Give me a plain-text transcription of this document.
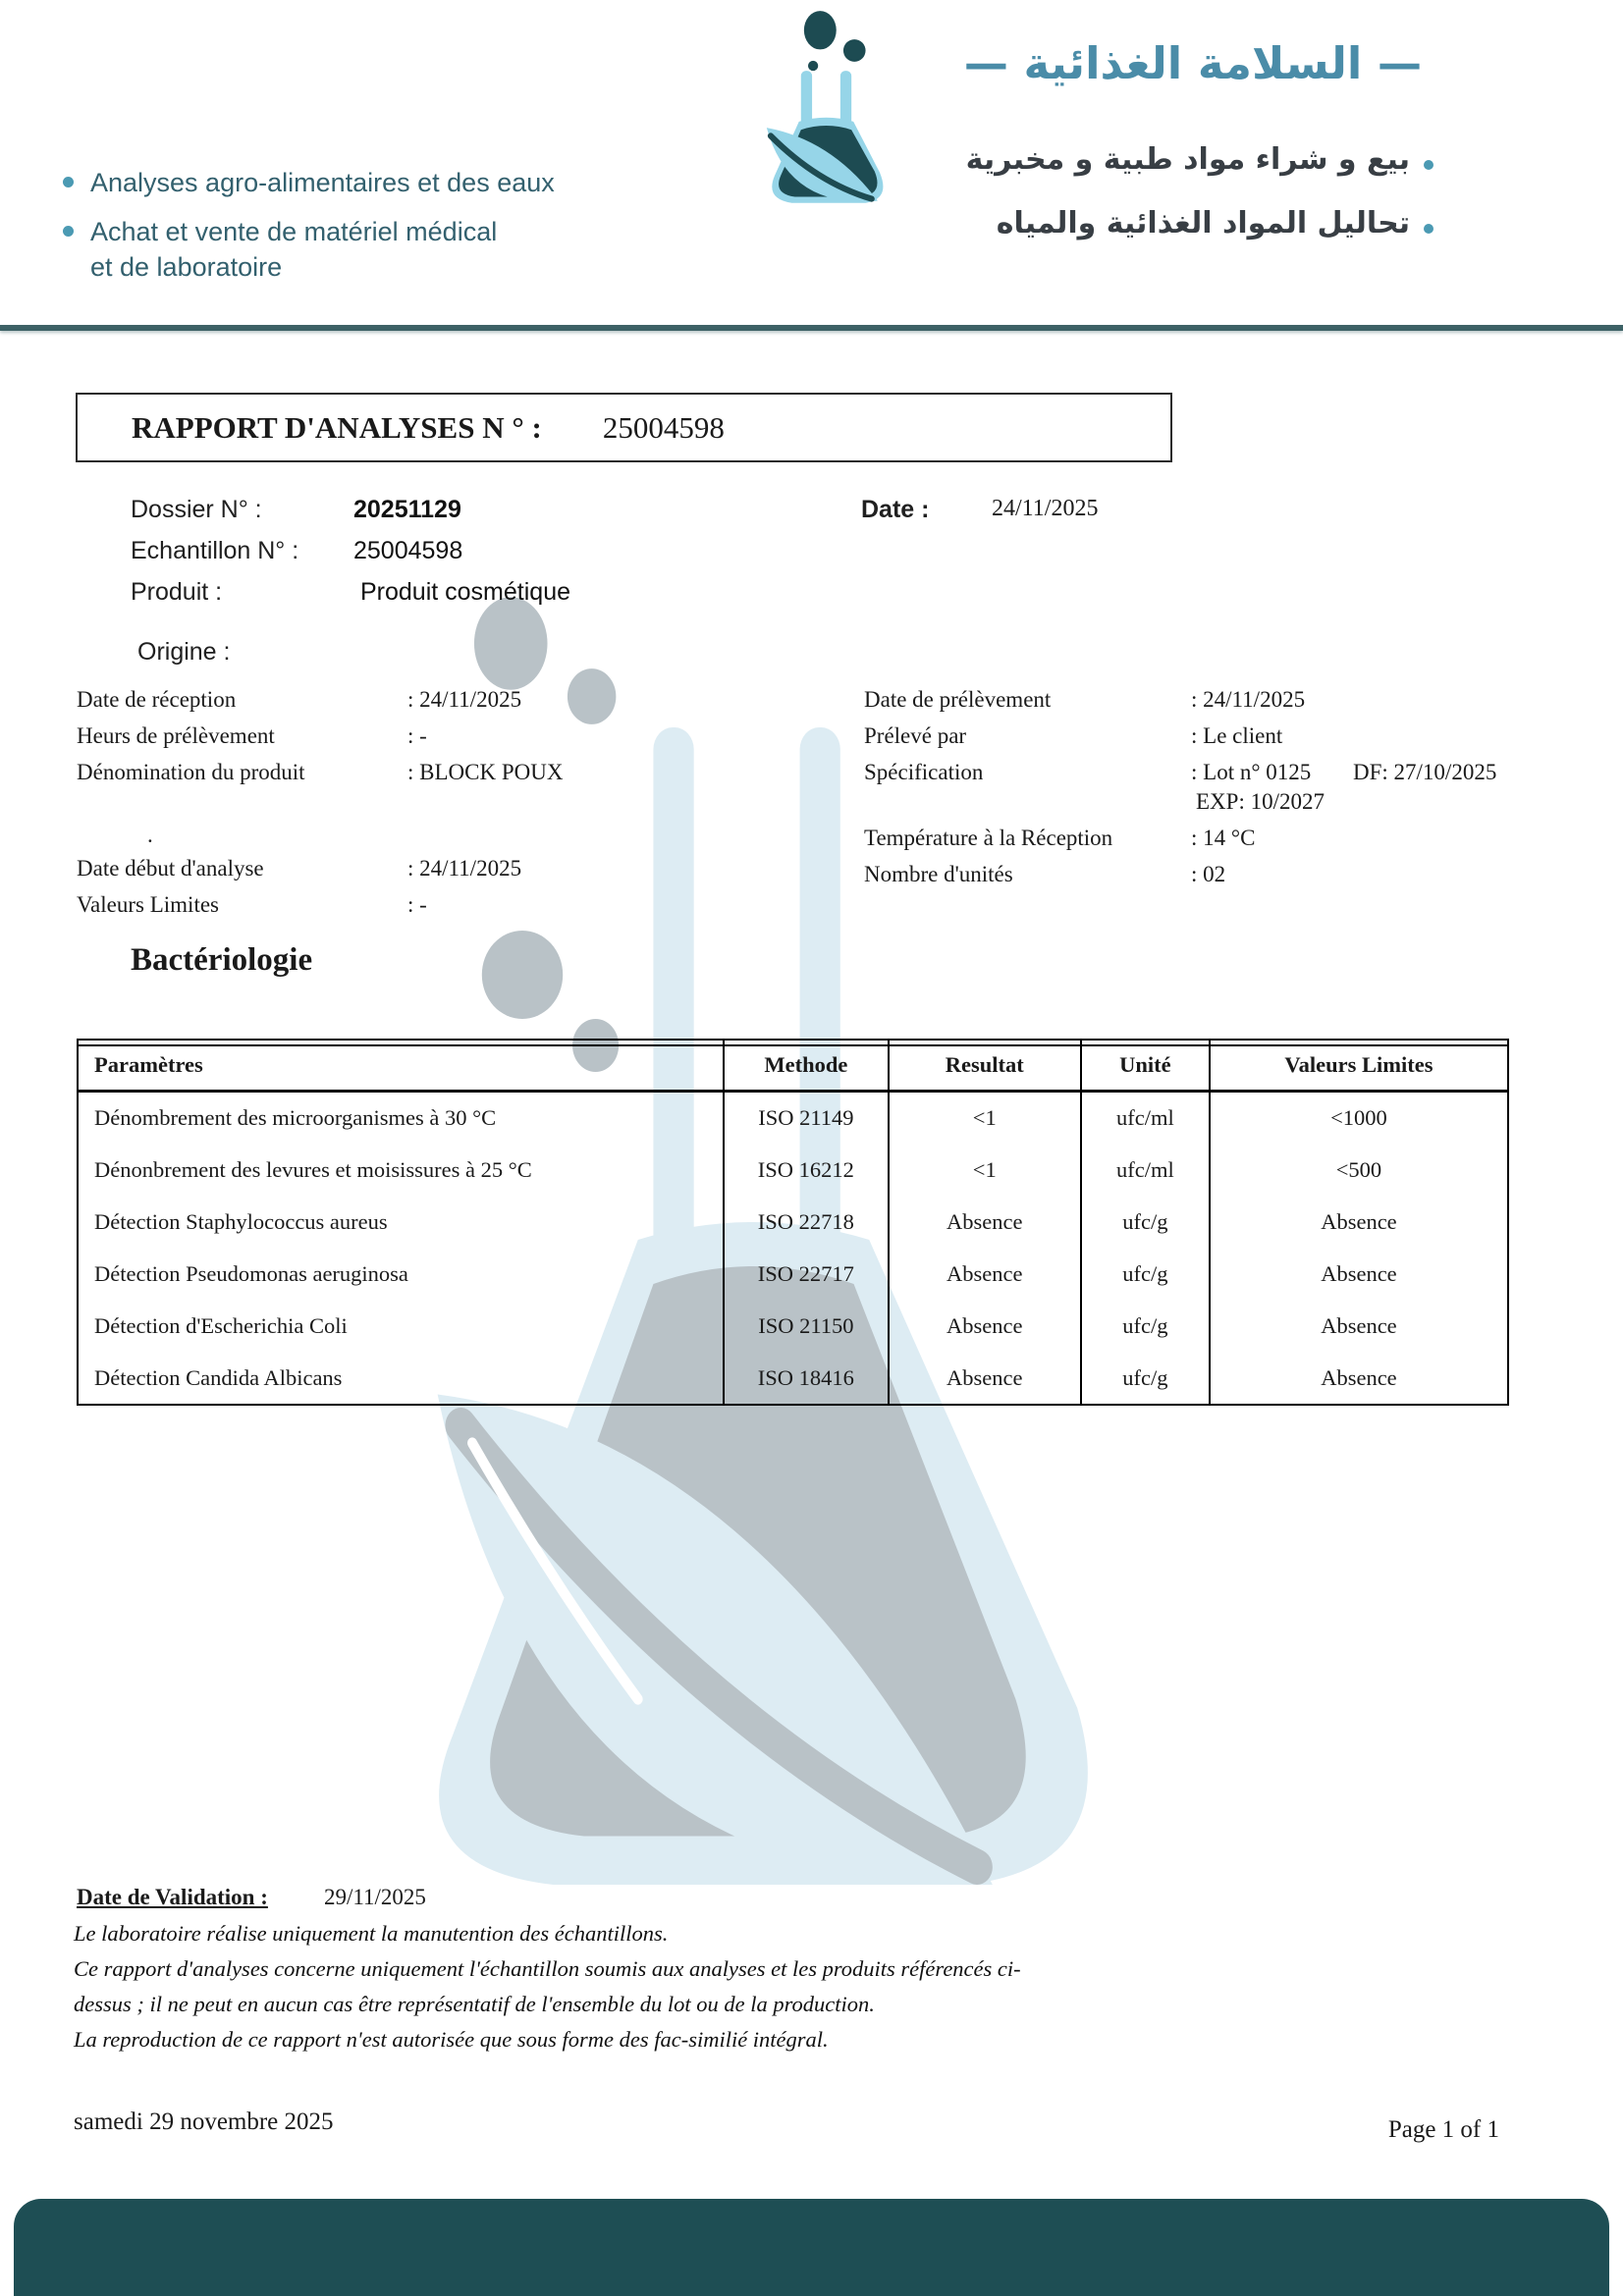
Analyses agro-alimentaires et des eaux
Achat et vente de matériel médical et de laboratoire
— السلامة الغذائية —
بيع و شراء مواد طبية و مخبرية
تحاليل المواد الغذائية والمياه
RAPPORT D'ANALYSES N ° : 25004598
Dossier N° :	20251129
Echantillon N° : 25004598
Produit :	Produit cosmétique
Date :	24/11/2025
Origine :
Date de réception	: 24/11/2025
Heurs de prélèvement	: -
Dénomination du produit	: BLOCK POUX
.
Date début d'analyse	: 24/11/2025
Valeurs Limites	: -
Date de prélèvement	: 24/11/2025
Prélevé par	: Le client
Spécification	: Lot n° 0125 DF: 27/10/2025
EXP: 10/2027
Température à la Réception	: 14 °C
Nombre d'unités	: 02
Bactériologie
Paramètres	Methode	Resultat	Unité	Valeurs Limites
Dénombrement des microorganismes à 30 °C	ISO 21149	<1	ufc/ml	<1000
Dénonbrement des levures et moisissures à 25 °C	ISO 16212	<1	ufc/ml	<500
Détection Staphylococcus aureus	ISO 22718	Absence	ufc/g	Absence
Détection Pseudomonas aeruginosa	ISO 22717	Absence	ufc/g	Absence
Détection d'Escherichia Coli	ISO 21150	Absence	ufc/g	Absence
Détection Candida Albicans	ISO 18416	Absence	ufc/g	Absence
Date de Validation : 29/11/2025
Le laboratoire réalise uniquement la manutention des échantillons.
Ce rapport d'analyses concerne uniquement l'échantillon soumis aux analyses et les produits référencés ci-
dessus ; il ne peut en aucun cas être représentatif de l'ensemble du lot ou de la production.
La reproduction de ce rapport n'est autorisée que sous forme des fac-similié intégral.
samedi 29 novembre 2025	Page 1 of 1
